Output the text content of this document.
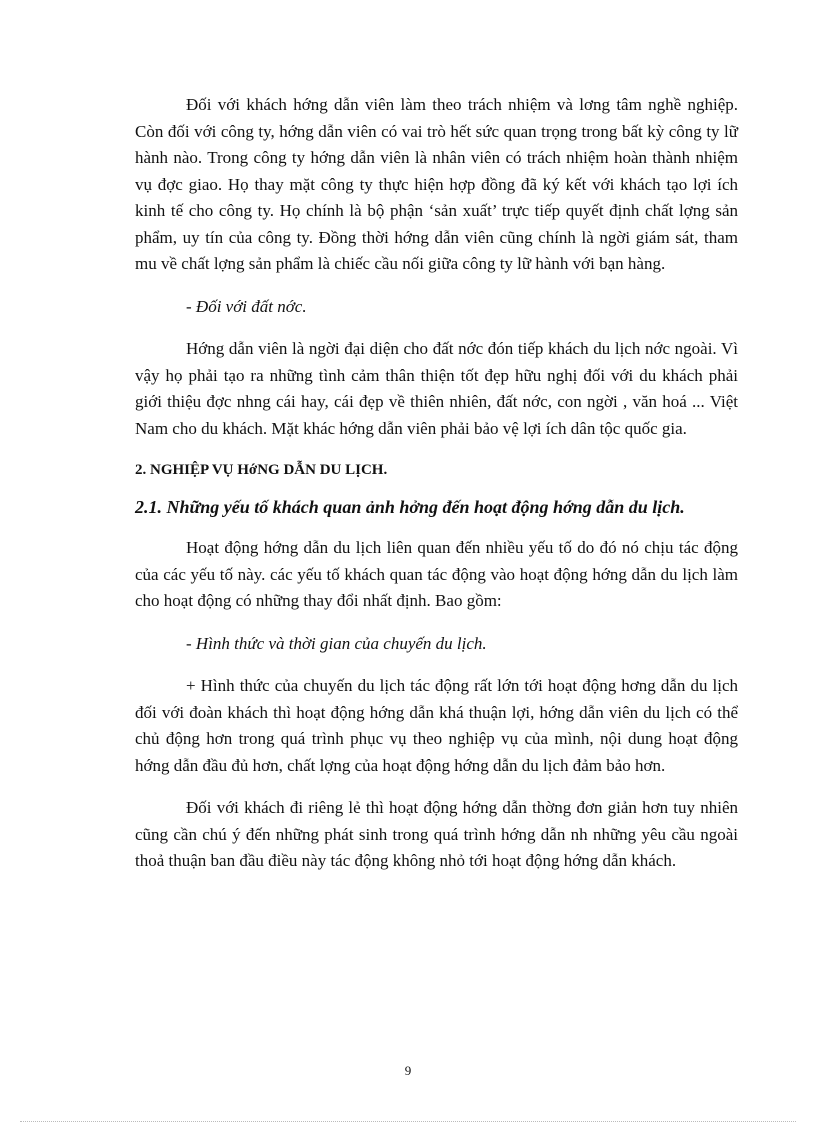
Đối với khách hớng dẫn viên làm theo trách nhiệm và lơng tâm nghề nghiệp. Còn đối với công ty, hớng dẫn viên có vai trò hết sức quan trọng trong bất kỳ công ty lữ hành nào. Trong công ty hớng dẫn viên là nhân viên có trách nhiệm hoàn thành nhiệm vụ đợc giao. Họ thay mặt công ty thực hiện hợp đồng đã ký kết với khách tạo lợi ích kinh tế cho công ty. Họ chính là bộ phận ‘sản xuất’ trực tiếp quyết định chất lợng sản phẩm, uy tín của công ty. Đồng thời hớng dẫn viên cũng chính là ngời giám sát, tham mu về chất lợng sản phẩm là chiếc cầu nối giữa công ty lữ hành với bạn hàng.

- Đối với đất nớc.

Hớng dẫn viên là ngời đại diện cho đất nớc đón tiếp khách du lịch nớc ngoài. Vì vậy họ phải tạo ra những tình cảm thân thiện tốt đẹp hữu nghị đối với du khách phải giới thiệu đợc nhng cái hay, cái đẹp về thiên nhiên, đất nớc, con ngời , văn hoá ... Việt Nam cho du khách. Mặt khác hớng dẫn viên phải bảo vệ lợi ích dân tộc quốc gia.

2. NGHIỆP VỤ HớNG DẪN DU LỊCH.
2.1. Những yếu tố khách quan ảnh hởng đến hoạt động hớng dẫn du lịch.

Hoạt động hớng dẫn du lịch liên quan đến nhiều yếu tố do đó nó chịu tác động của các yếu tố này. các yếu tố khách quan tác động vào hoạt động hớng dẫn du lịch làm cho hoạt động có những thay đổi nhất định. Bao gồm:

- Hình thức và thời gian của chuyến du lịch.

+ Hình thức của chuyến du lịch tác động rất lớn tới hoạt động hơng dẫn du lịch đối với đoàn khách thì hoạt động hớng dẫn khá thuận lợi, hớng dẫn viên du lịch có thể chủ động hơn trong quá trình phục vụ theo nghiệp vụ của mình, nội dung hoạt động hớng dẫn đầu đủ hơn, chất lợng của hoạt động hớng dẫn du lịch đảm bảo hơn.

Đối với khách đi riêng lẻ thì hoạt động hớng dẫn thờng đơn giản hơn tuy nhiên cũng cần chú ý đến những phát sinh trong quá trình hớng dẫn nh những yêu cầu ngoài thoả thuận ban đầu điều này tác động không nhỏ tới hoạt động hớng dẫn khách.

9
